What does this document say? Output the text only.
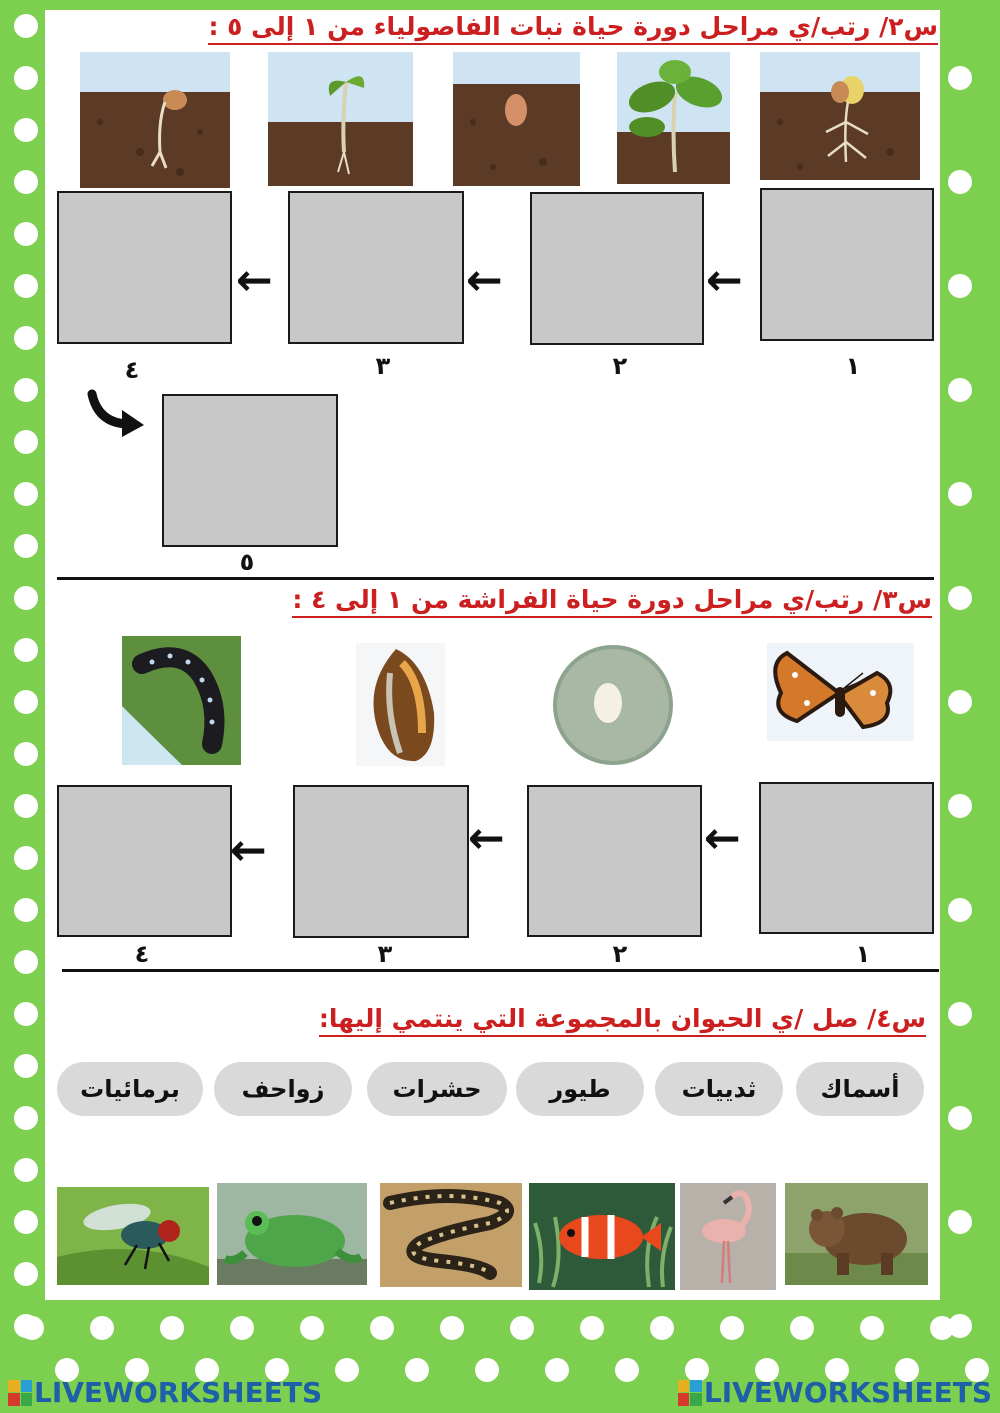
س٢/ رتب/ي مراحل دورة حياة نبات الفاصولياء من ١ إلى ٥ :
←
←
←
١
٢
٣
٤
٥
س٣/ رتب/ي مراحل دورة حياة الفراشة من ١ إلى ٤ :
←
←
←
١
٢
٣
٤
س٤/ صل /ي الحيوان بالمجموعة التي ينتمي إليها:
أسماك
ثدييات
طيور
حشرات
زواحف
برمائيات
LIVEWORKSHEETS	LIVEWORKSHEETS
